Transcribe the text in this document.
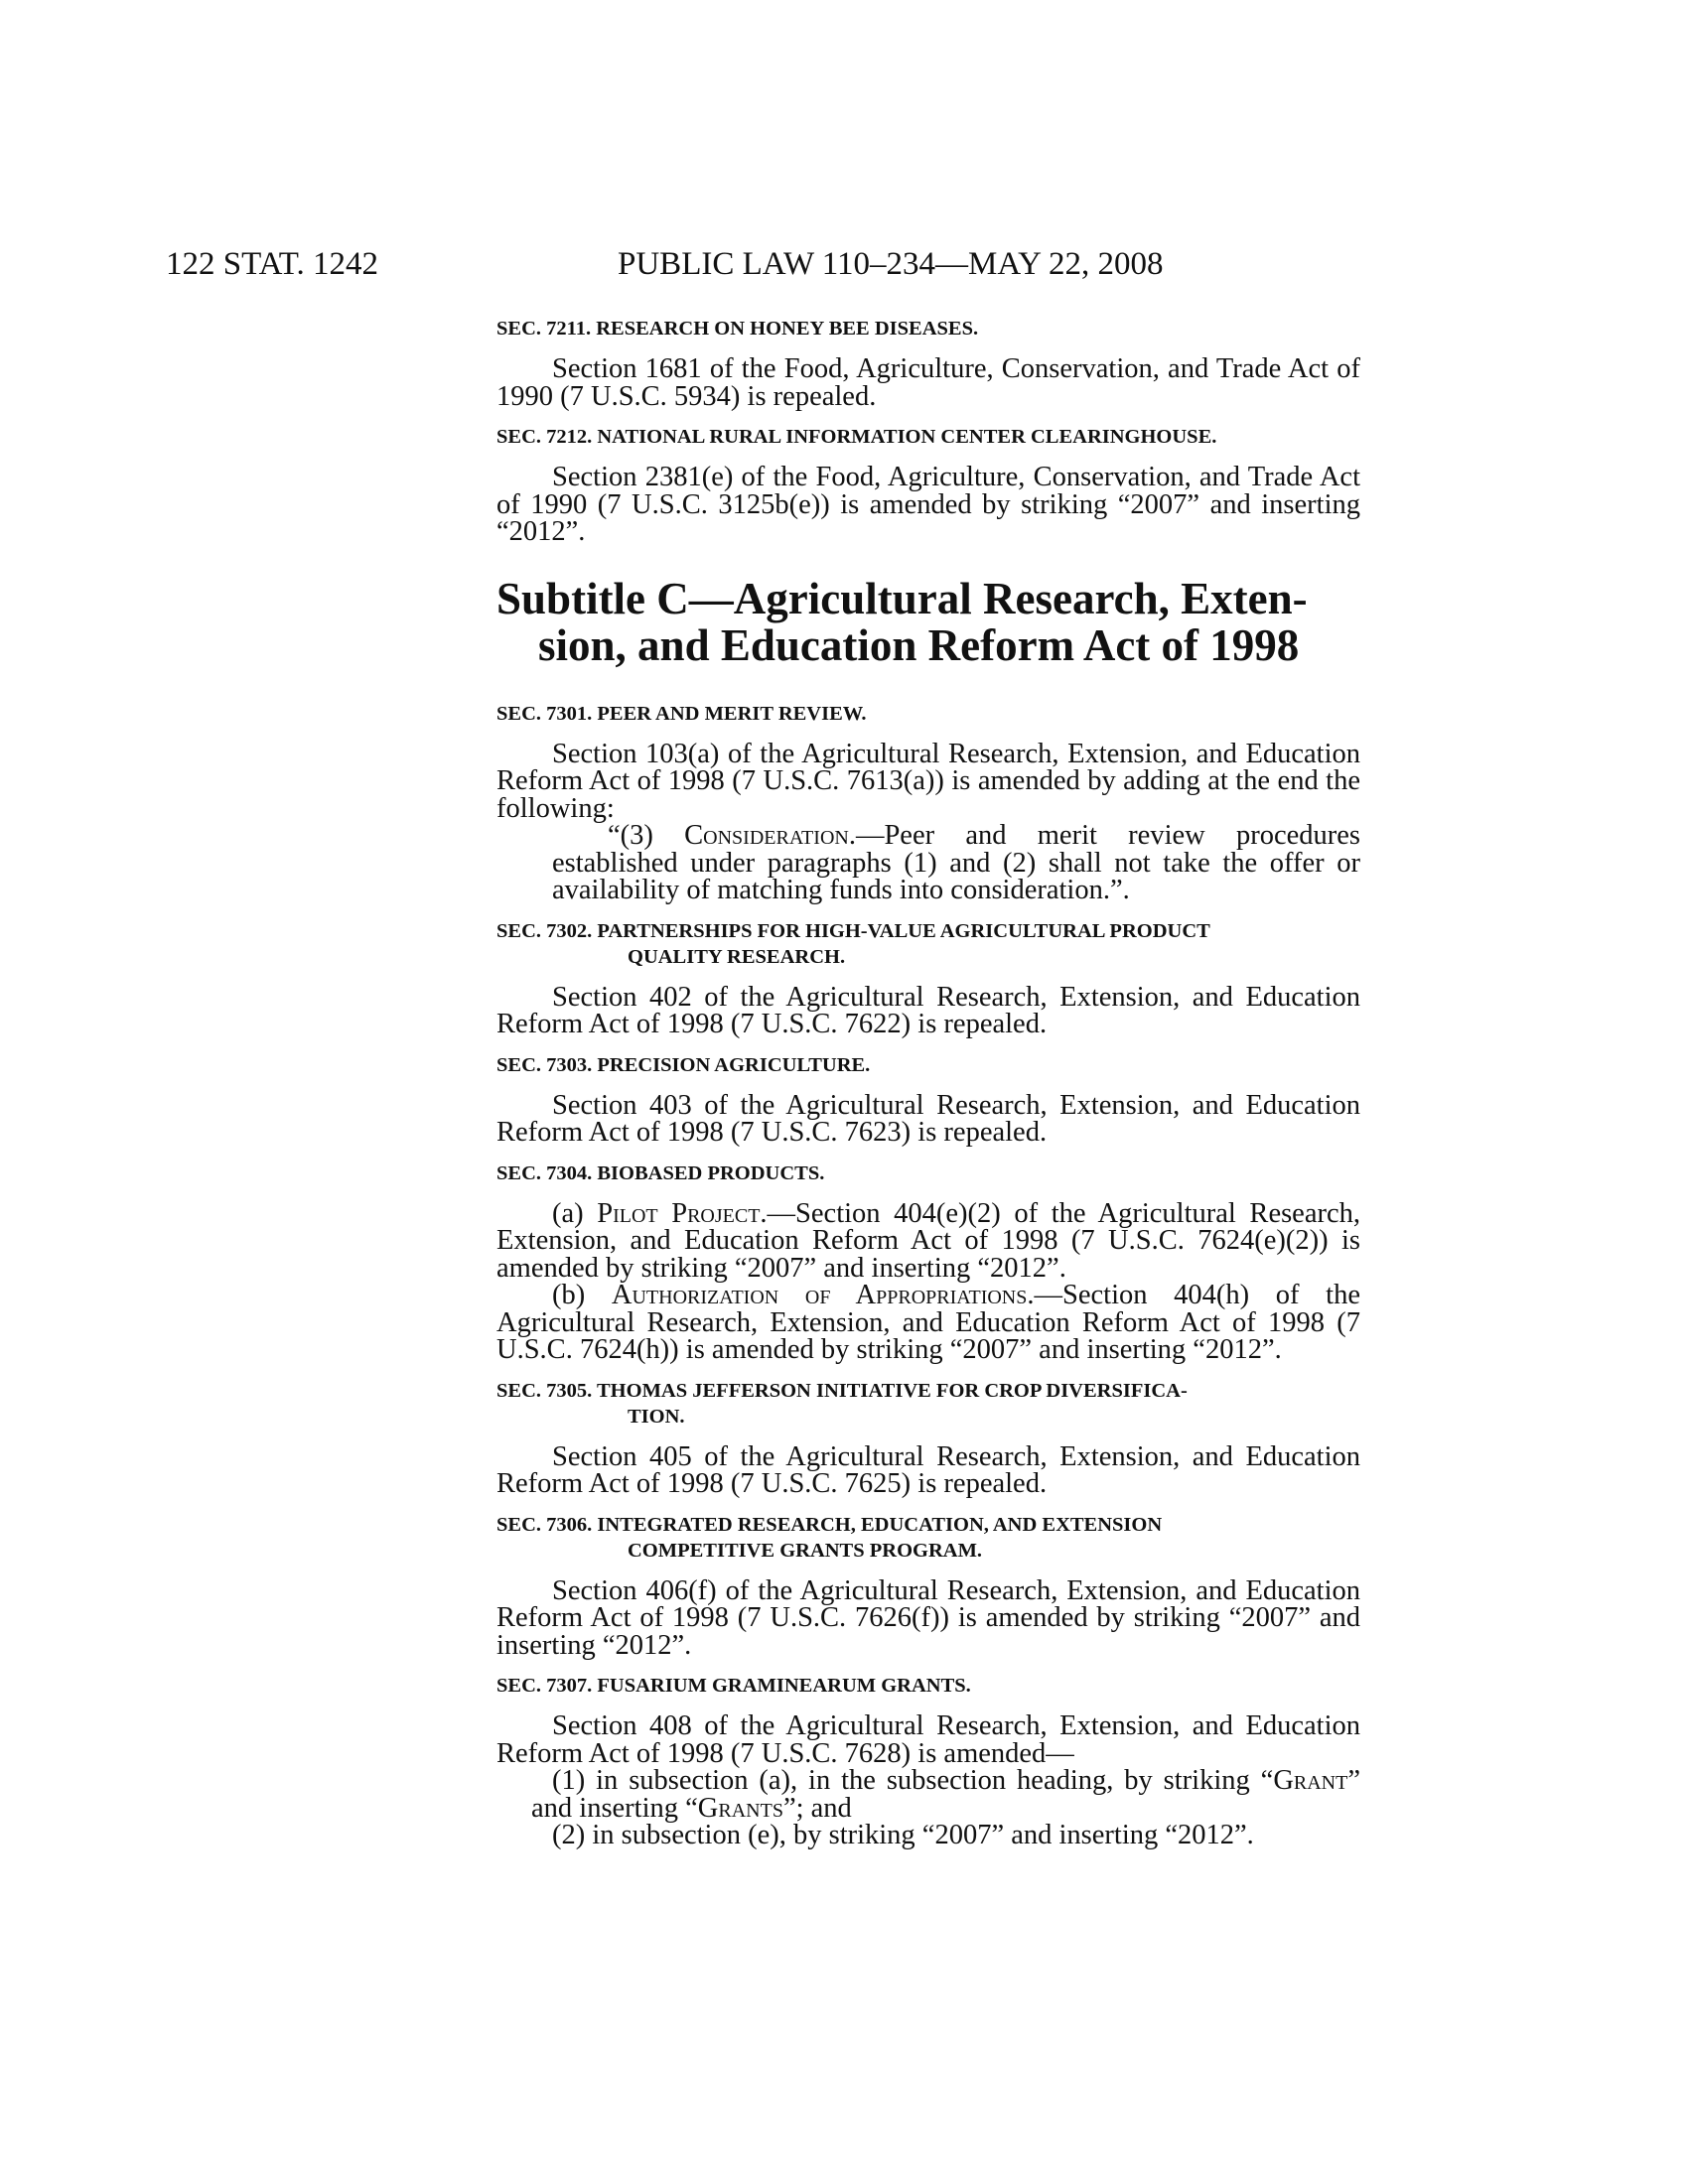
122 STAT. 1242	PUBLIC LAW 110–234—MAY 22, 2008
SEC. 7211. RESEARCH ON HONEY BEE DISEASES.

Section 1681 of the Food, Agriculture, Conservation, and Trade Act of 1990 (7 U.S.C. 5934) is repealed.

SEC. 7212. NATIONAL RURAL INFORMATION CENTER CLEARINGHOUSE.

Section 2381(e) of the Food, Agriculture, Conservation, and Trade Act of 1990 (7 U.S.C. 3125b(e)) is amended by striking “2007” and inserting “2012”.

Subtitle C—Agricultural Research, Exten-
sion, and Education Reform Act of 1998
SEC. 7301. PEER AND MERIT REVIEW.

Section 103(a) of the Agricultural Research, Extension, and Education Reform Act of 1998 (7 U.S.C. 7613(a)) is amended by adding at the end the following:

“(3) Consideration.—Peer and merit review procedures established under paragraphs (1) and (2) shall not take the offer or availability of matching funds into consideration.”.

SEC. 7302. PARTNERSHIPS FOR HIGH-VALUE AGRICULTURAL PRODUCT
QUALITY RESEARCH.

Section 402 of the Agricultural Research, Extension, and Education Reform Act of 1998 (7 U.S.C. 7622) is repealed.

SEC. 7303. PRECISION AGRICULTURE.

Section 403 of the Agricultural Research, Extension, and Education Reform Act of 1998 (7 U.S.C. 7623) is repealed.

SEC. 7304. BIOBASED PRODUCTS.

(a) Pilot Project.—Section 404(e)(2) of the Agricultural Research, Extension, and Education Reform Act of 1998 (7 U.S.C. 7624(e)(2)) is amended by striking “2007” and inserting “2012”.

(b) Authorization of Appropriations.—Section 404(h) of the Agricultural Research, Extension, and Education Reform Act of 1998 (7 U.S.C. 7624(h)) is amended by striking “2007” and inserting “2012”.

SEC. 7305. THOMAS JEFFERSON INITIATIVE FOR CROP DIVERSIFICA-
TION.

Section 405 of the Agricultural Research, Extension, and Education Reform Act of 1998 (7 U.S.C. 7625) is repealed.

SEC. 7306. INTEGRATED RESEARCH, EDUCATION, AND EXTENSION
COMPETITIVE GRANTS PROGRAM.

Section 406(f) of the Agricultural Research, Extension, and Education Reform Act of 1998 (7 U.S.C. 7626(f)) is amended by striking “2007” and inserting “2012”.

SEC. 7307. FUSARIUM GRAMINEARUM GRANTS.

Section 408 of the Agricultural Research, Extension, and Education Reform Act of 1998 (7 U.S.C. 7628) is amended—

(1) in subsection (a), in the subsection heading, by striking “Grant” and inserting “Grants”; and

(2) in subsection (e), by striking “2007” and inserting “2012”.
